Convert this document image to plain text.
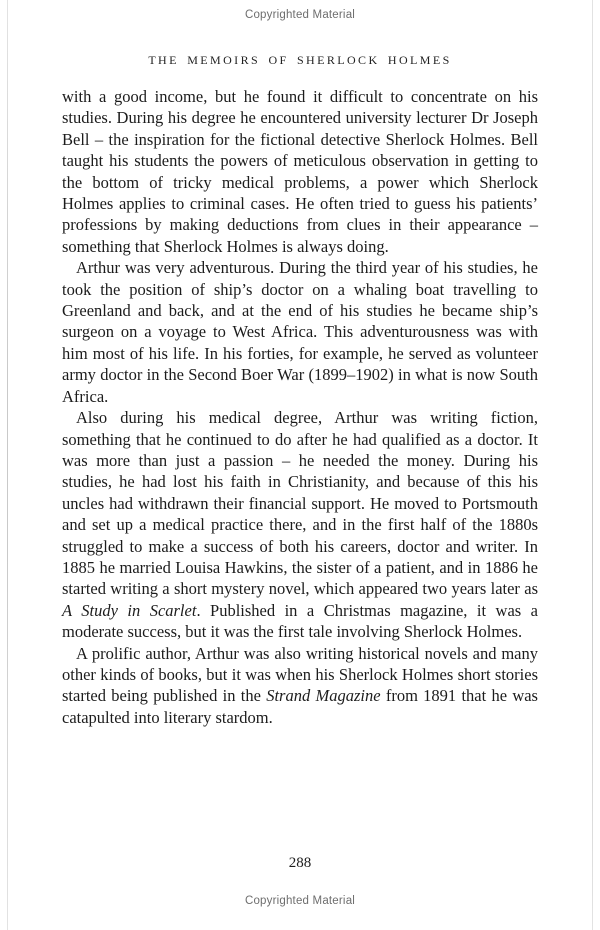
Copyrighted Material
THE MEMOIRS OF SHERLOCK HOLMES

with a good income, but he found it difficult to concentrate on his studies. During his degree he encountered university lecturer Dr Joseph Bell – the inspiration for the fictional detective Sherlock Holmes. Bell taught his students the powers of meticulous observation in getting to the bottom of tricky medical problems, a power which Sherlock Holmes applies to criminal cases. He often tried to guess his patients’ professions by making deductions from clues in their appearance – something that Sherlock Holmes is always doing.

Arthur was very adventurous. During the third year of his studies, he took the position of ship’s doctor on a whaling boat travelling to Greenland and back, and at the end of his studies he became ship’s surgeon on a voyage to West Africa. This adventurousness was with him most of his life. In his forties, for example, he served as volunteer army doctor in the Second Boer War (1899–1902) in what is now South Africa.

Also during his medical degree, Arthur was writing fiction, something that he continued to do after he had qualified as a doctor. It was more than just a passion – he needed the money. During his studies, he had lost his faith in Christianity, and because of this his uncles had withdrawn their financial support. He moved to Portsmouth and set up a medical practice there, and in the first half of the 1880s struggled to make a success of both his careers, doctor and writer. In 1885 he married Louisa Hawkins, the sister of a patient, and in 1886 he started writing a short mystery novel, which appeared two years later as A Study in Scarlet. Published in a Christmas magazine, it was a moderate success, but it was the first tale involving Sherlock Holmes.

A prolific author, Arthur was also writing historical novels and many other kinds of books, but it was when his Sherlock Holmes short stories started being published in the Strand Magazine from 1891 that he was catapulted into literary stardom.

288
Copyrighted Material
